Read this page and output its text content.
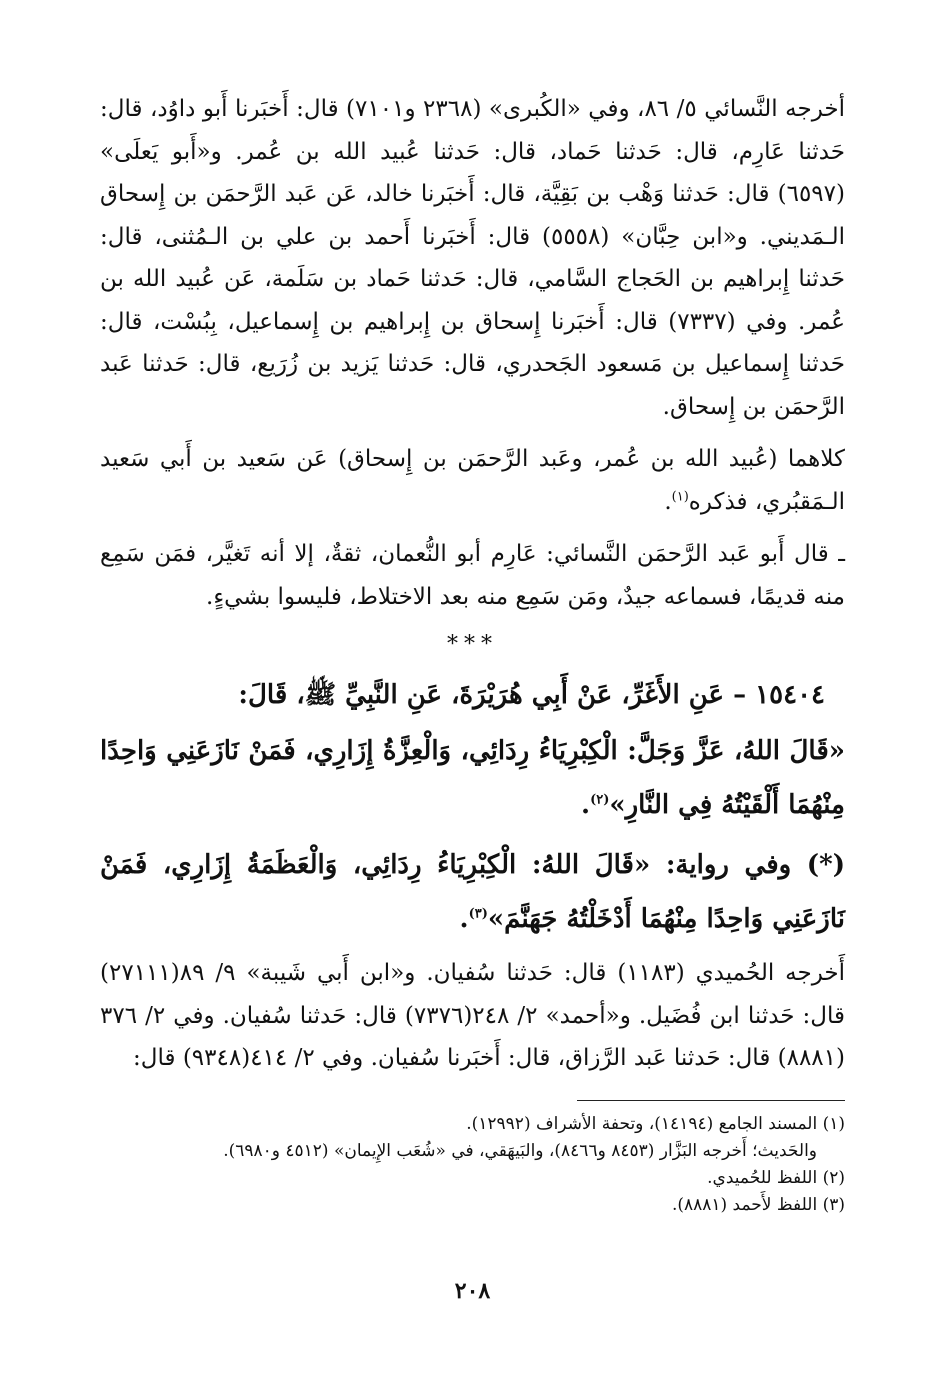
أخرجه النَّسائي ٥/ ٨٦، وفي «الكُبرى» (٢٣٦٨ و٧١٠١) قال: أَخبَرنا أَبو داوُد، قال: حَدثنا عَارِم، قال: حَدثنا حَماد، قال: حَدثنا عُبيد الله بن عُمر. و«أَبو يَعلَى» (٦٥٩٧) قال: حَدثنا وَهْب بن بَقِيَّة، قال: أَخبَرنا خالد، عَن عَبد الرَّحمَن بن إِسحاق الـمَديني. و«ابن حِبَّان» (٥٥٥٨) قال: أَخبَرنا أَحمد بن علي بن الـمُثنى، قال: حَدثنا إِبراهيم بن الحَجاج السَّامي، قال: حَدثنا حَماد بن سَلَمة، عَن عُبيد الله بن عُمر. وفي (٧٣٣٧) قال: أَخبَرنا إِسحاق بن إِبراهيم بن إِسماعيل، بِبُسْت، قال: حَدثنا إِسماعيل بن مَسعود الجَحدري، قال: حَدثنا يَزيد بن زُرَيع، قال: حَدثنا عَبد الرَّحمَن بن إِسحاق.

كلاهما (عُبيد الله بن عُمر، وعَبد الرَّحمَن بن إِسحاق) عَن سَعيد بن أَبي سَعيد الـمَقبُري، فذكره$^{(١)}$.

ـ قال أَبو عَبد الرَّحمَن النَّسائي: عَارِم أبو النُّعمان، ثقةٌ، إلا أنه تَغيَّر، فمَن سَمِع منه قديمًا، فسماعه جيدٌ، ومَن سَمِع منه بعد الاختلاط، فليسوا بشيءٍ.

***

١٥٤٠٤ – عَنِ الأَغَرِّ، عَنْ أَبِي هُرَيْرَةَ، عَنِ النَّبِيِّ ﷺ، قَالَ:

«قَالَ اللهُ، عَزَّ وَجَلَّ: الْكِبْرِيَاءُ رِدَائِي، وَالْعِزَّةُ إِزَارِي، فَمَنْ نَازَعَنِي وَاحِدًا مِنْهُمَا أَلْقَيْتُهُ فِي النَّارِ»$^{(٢)}$.

(*) وفي رواية: «قَالَ اللهُ: الْكِبْرِيَاءُ رِدَائِي، وَالْعَظَمَةُ إِزَارِي، فَمَنْ نَازَعَنِي وَاحِدًا مِنْهُمَا أَدْخَلْتُهُ جَهَنَّمَ»$^{(٣)}$.

أَخرجه الحُميدي (١١٨٣) قال: حَدثنا سُفيان. و«ابن أَبي شَيبة» ٩/ ٨٩(٢٧١١١) قال: حَدثنا ابن فُضَيل. و«أحمد» ٢/ ٢٤٨(٧٣٧٦) قال: حَدثنا سُفيان. وفي ٢/ ٣٧٦ (٨٨٨١) قال: حَدثنا عَبد الرَّزاق، قال: أَخبَرنا سُفيان. وفي ٢/ ٤١٤(٩٣٤٨) قال:

(١) المسند الجامع (١٤١٩٤)، وتحفة الأشراف (١٢٩٩٢).

والحَديث؛ أَخرجه البَزَّار (٨٤٥٣ و٨٤٦٦)، والبَيهَقي، في «شُعَب الإِيمان» (٤٥١٢ و٦٩٨٠).

(٢) اللفظ للحُميدي.

(٣) اللفظ لأَحمد (٨٨٨١).

٢٠٨
